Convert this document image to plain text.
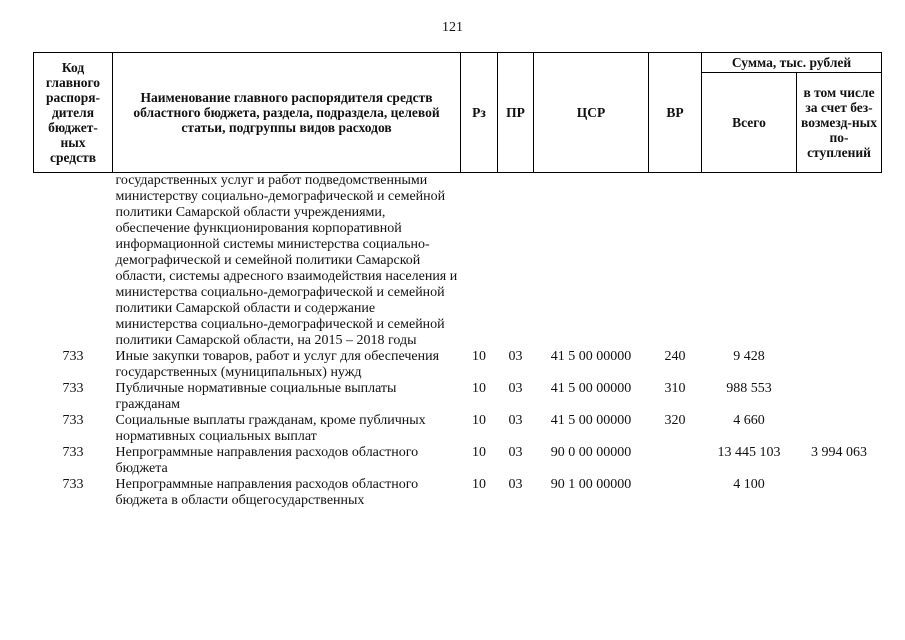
121
Код главного распоря-дителя бюджет-ных средств	Наименование главного распорядителя средств областного бюджета, раздела, подраздела, целевой статьи, подгруппы видов расходов	Рз	ПР	ЦСР	ВР	Сумма, тыс. рублей	
						Всего	в том числе за счет без-возмезд-ных по-ступлений
	государственных услуг и работ подведомственными министерству социально-демографической и семейной политики Самарской области учреждениями, обеспечение функционирования корпоративной информационной системы министерства социально-демографической и семейной политики Самарской области, системы адресного взаимодействия населения и министерства социально-демографической и семейной политики Самарской области и содержание министерства социально-демографической и семейной политики Самарской области, на 2015 – 2018 годы						
733	Иные закупки товаров, работ и услуг для обеспечения государственных (муниципальных) нужд	10	03	41 5 00 00000	240	9 428	
733	Публичные нормативные социальные выплаты гражданам	10	03	41 5 00 00000	310	988 553	
733	Социальные выплаты гражданам, кроме публичных нормативных социальных выплат	10	03	41 5 00 00000	320	4 660	
733	Непрограммные направления расходов областного бюджета	10	03	90 0 00 00000		13 445 103	3 994 063
733	Непрограммные направления расходов областного бюджета в области общегосударственных	10	03	90 1 00 00000		4 100	
